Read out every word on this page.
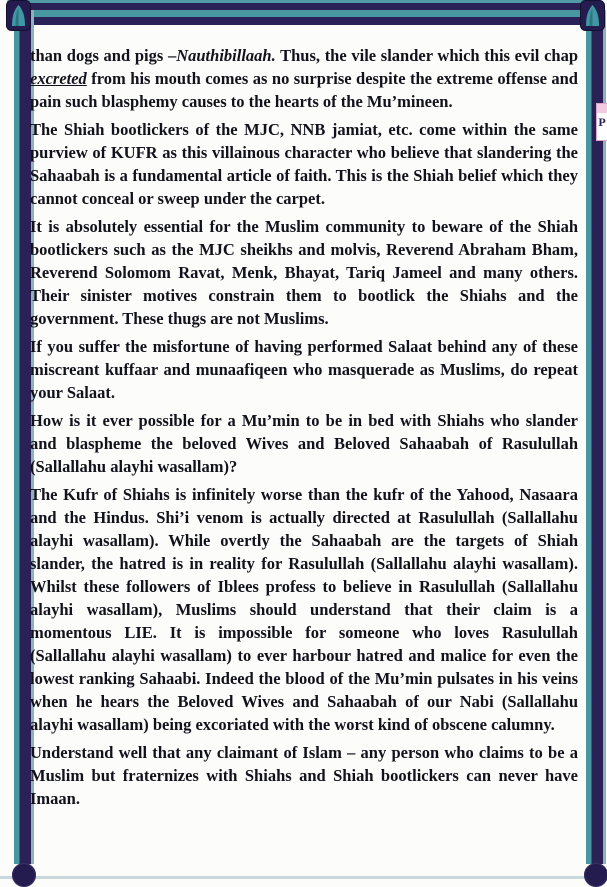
P

than dogs and pigs –Nauthibillaah. Thus, the vile slander which this evil chap excreted from his mouth comes as no surprise despite the extreme offense and pain such blasphemy causes to the hearts of the Mu’mineen.

The Shiah bootlickers of the MJC, NNB jamiat, etc. come within the same purview of KUFR as this villainous character who believe that slandering the Sahaabah is a fundamental article of faith. This is the Shiah belief which they cannot conceal or sweep under the carpet.

It is absolutely essential for the Muslim community to beware of the Shiah bootlickers such as the MJC sheikhs and molvis, Reverend Abraham Bham, Reverend Solomom Ravat, Menk, Bhayat, Tariq Jameel and many others. Their sinister motives constrain them to bootlick the Shiahs and the government. These thugs are not Muslims.

If you suffer the misfortune of having performed Salaat behind any of these miscreant kuffaar and munaafiqeen who masquerade as Muslims, do repeat your Salaat.

How is it ever possible for a Mu’min to be in bed with Shiahs who slander and blaspheme the beloved Wives and Beloved Sahaabah of Rasulullah (Sallallahu alayhi wasallam)?

The Kufr of Shiahs is infinitely worse than the kufr of the Yahood, Nasaara and the Hindus. Shi’i venom is actually directed at Rasulullah (Sallallahu alayhi wasallam). While overtly the Sahaabah are the targets of Shiah slander, the hatred is in reality for Rasulullah (Sallallahu alayhi wasallam). Whilst these followers of Iblees profess to believe in Rasulullah (Sallallahu alayhi wasallam), Muslims should understand that their claim is a momentous LIE. It is impossible for someone who loves Rasulullah (Sallallahu alayhi wasallam) to ever harbour hatred and malice for even the lowest ranking Sahaabi. Indeed the blood of the Mu’min pulsates in his veins when he hears the Beloved Wives and Sahaabah of our Nabi (Sallallahu alayhi wasallam) being excoriated with the worst kind of obscene calumny.

Understand well that any claimant of Islam – any person who claims to be a Muslim but fraternizes with Shiahs and Shiah bootlickers can never have Imaan.
